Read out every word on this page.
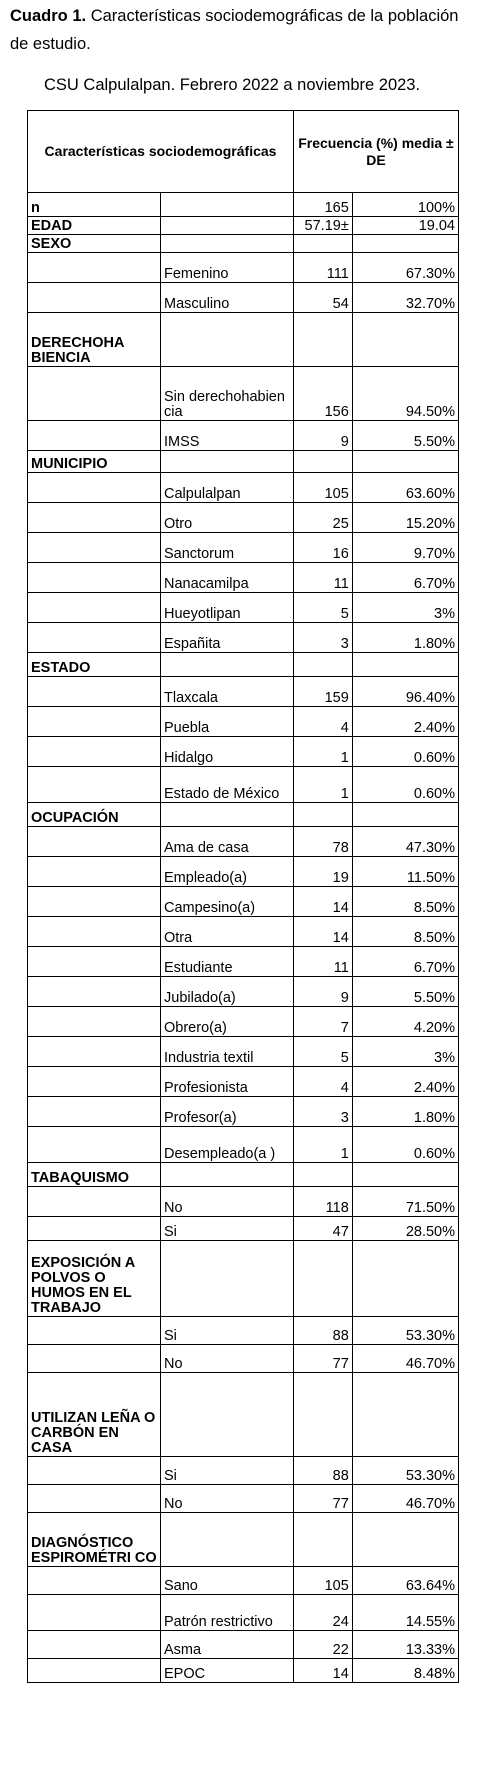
Cuadro 1. Características sociodemográficas de la población de estudio.
CSU Calpulalpan. Febrero 2022 a noviembre 2023.
Características sociodemográficas		Frecuencia (%) media ± DE	
n		165	100%
EDAD		57.19±	19.04
SEXO			
	Femenino	111	67.30%
	Masculino	54	32.70%
DERECHOHA BIENCIA			
	Sin derechohabien cia	156	94.50%
	IMSS	9	5.50%
MUNICIPIO			
	Calpulalpan	105	63.60%
	Otro	25	15.20%
	Sanctorum	16	9.70%
	Nanacamilpa	11	6.70%
	Hueyotlipan	5	3%
	Españita	3	1.80%
ESTADO			
	Tlaxcala	159	96.40%
	Puebla	4	2.40%
	Hidalgo	1	0.60%
	Estado de México	1	0.60%
OCUPACIÓN			
	Ama de casa	78	47.30%
	Empleado(a)	19	11.50%
	Campesino(a)	14	8.50%
	Otra	14	8.50%
	Estudiante	11	6.70%
	Jubilado(a)	9	5.50%
	Obrero(a)	7	4.20%
	Industria textil	5	3%
	Profesionista	4	2.40%
	Profesor(a)	3	1.80%
	Desempleado(a )	1	0.60%
TABAQUISMO			
	No	118	71.50%
	Si	47	28.50%
EXPOSICIÓN A POLVOS O HUMOS EN EL TRABAJO			
	Si	88	53.30%
	No	77	46.70%
UTILIZAN LEÑA O CARBÓN EN CASA			
	Si	88	53.30%
	No	77	46.70%
DIAGNÓSTICO ESPIROMÉTRI CO			
	Sano	105	63.64%
	Patrón restrictivo	24	14.55%
	Asma	22	13.33%
	EPOC	14	8.48%
